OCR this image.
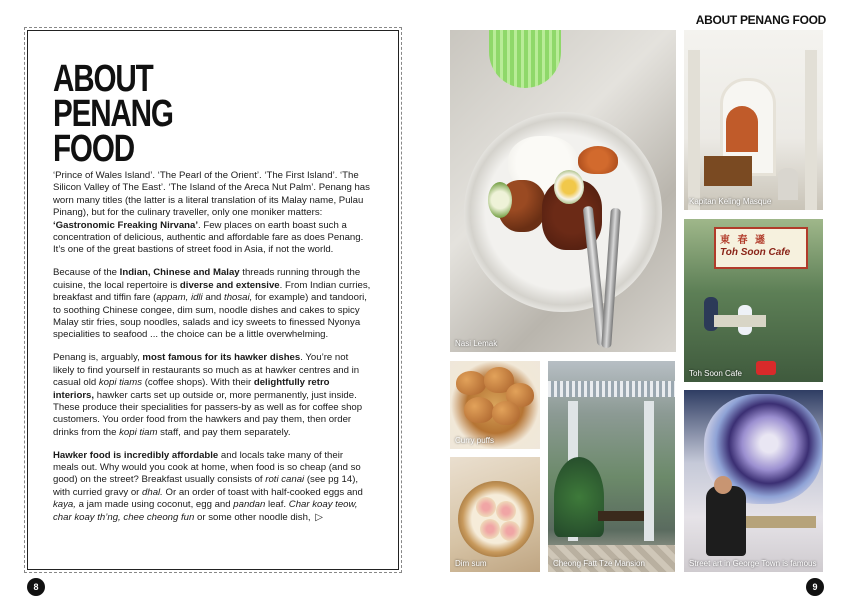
ABOUT
PENANG
FOOD

‘Prince of Wales Island’. ‘The Pearl of the Orient’. ‘The First Island’. ‘The Silicon Valley of The East’. ‘The Island of the Areca Nut Palm’. Penang has worn many titles (the latter is a literal translation of its Malay name, Pulau Pinang), but for the culinary traveller, only one moniker matters: ‘Gastronomic Freaking Nirvana’. Few places on earth boast such a concentration of delicious, authentic and affordable fare as does Penang. It’s one of the great bastions of street food in Asia, if not the world.

Because of the Indian, Chinese and Malay threads running through the cuisine, the local repertoire is diverse and extensive. From Indian curries, breakfast and tiffin fare (appam, idli and thosai, for example) and tandoori, to soothing Chinese congee, dim sum, noodle dishes and cakes to spicy Malay stir fries, soup noodles, salads and icy sweets to finessed Nyonya specialities to seafood ... the choice can be a little overwhelming.

Penang is, arguably, most famous for its hawker dishes. You’re not likely to find yourself in restaurants so much as at hawker centres and in casual old kopi tiams (coffee shops). With their delightfully retro interiors, hawker carts set up outside or, more permanently, just inside. These produce their specialities for passers-by as well as for coffee shop customers. You order food from the hawkers and pay them, then order drinks from the kopi tiam staff, and pay them separately.

Hawker food is incredibly affordable and locals take many of their meals out. Why would you cook at home, when food is so cheap (and so good) on the street? Breakfast usually consists of roti canai (see pg 14), with curried gravy or dhal. Or an order of toast with half-cooked eggs and kaya, a jam made using coconut, egg and pandan leaf. Char koay teow, char koay th’ng, chee cheong fun or some other noodle dish, ▷

8
ABOUT PENANG FOOD
Nasi Lemak
Kapitan Keling Masque
東 春 遜
Toh Soon Cafe
Toh Soon Cafe
Curry puffs
Dim sum	Cheong Fatt Tze Mansion	Street art in George Town is famous
9
